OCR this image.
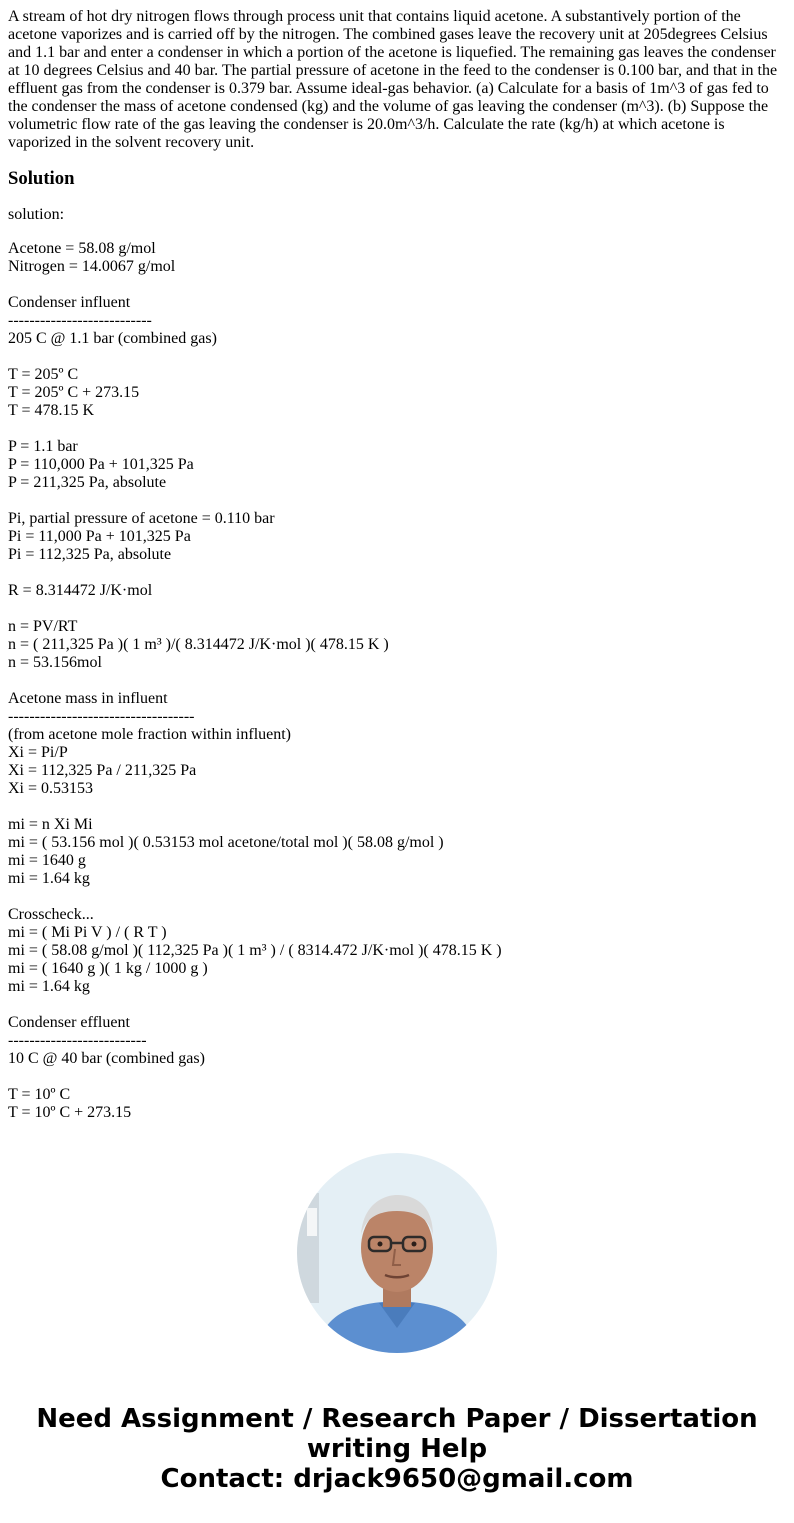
A stream of hot dry nitrogen flows through process unit that contains liquid acetone. A substantively portion of the acetone vaporizes and is carried off by the nitrogen. The combined gases leave the recovery unit at 205degrees Celsius and 1.1 bar and enter a condenser in which a portion of the acetone is liquefied. The remaining gas leaves the condenser at 10 degrees Celsius and 40 bar. The partial pressure of acetone in the feed to the condenser is 0.100 bar, and that in the effluent gas from the condenser is 0.379 bar. Assume ideal-gas behavior. (a) Calculate for a basis of 1m^3 of gas fed to the condenser the mass of acetone condensed (kg) and the volume of gas leaving the condenser (m^3). (b) Suppose the volumetric flow rate of the gas leaving the condenser is 20.0m^3/h. Calculate the rate (kg/h) at which acetone is vaporized in the solvent recovery unit.

Solution

solution:

Acetone = 58.08 g/mol
Nitrogen = 14.0067 g/mol
Condenser influent
---------------------------
205 C @ 1.1 bar (combined gas)
T = 205º C
T = 205º C + 273.15
T = 478.15 K
P = 1.1 bar
P = 110,000 Pa + 101,325 Pa
P = 211,325 Pa, absolute
Pi, partial pressure of acetone = 0.110 bar
Pi = 11,000 Pa + 101,325 Pa
Pi = 112,325 Pa, absolute
R = 8.314472 J/K·mol
n = PV/RT
n = ( 211,325 Pa )( 1 m³ )/( 8.314472 J/K·mol )( 478.15 K )
n = 53.156mol
Acetone mass in influent
-----------------------------------
(from acetone mole fraction within influent)
Xi = Pi/P
Xi = 112,325 Pa / 211,325 Pa
Xi = 0.53153
mi = n Xi Mi
mi = ( 53.156 mol )( 0.53153 mol acetone/total mol )( 58.08 g/mol )
mi = 1640 g
mi = 1.64 kg
Crosscheck...
mi = ( Mi Pi V ) / ( R T )
mi = ( 58.08 g/mol )( 112,325 Pa )( 1 m³ ) / ( 8314.472 J/K·mol )( 478.15 K )
mi = ( 1640 g )( 1 kg / 1000 g )
mi = 1.64 kg
Condenser effluent
--------------------------
10 C @ 40 bar (combined gas)
T = 10º C
T = 10º C + 273.15
Need Assignment / Research Paper / Dissertation
writing Help
Contact: drjack9650@gmail.com
